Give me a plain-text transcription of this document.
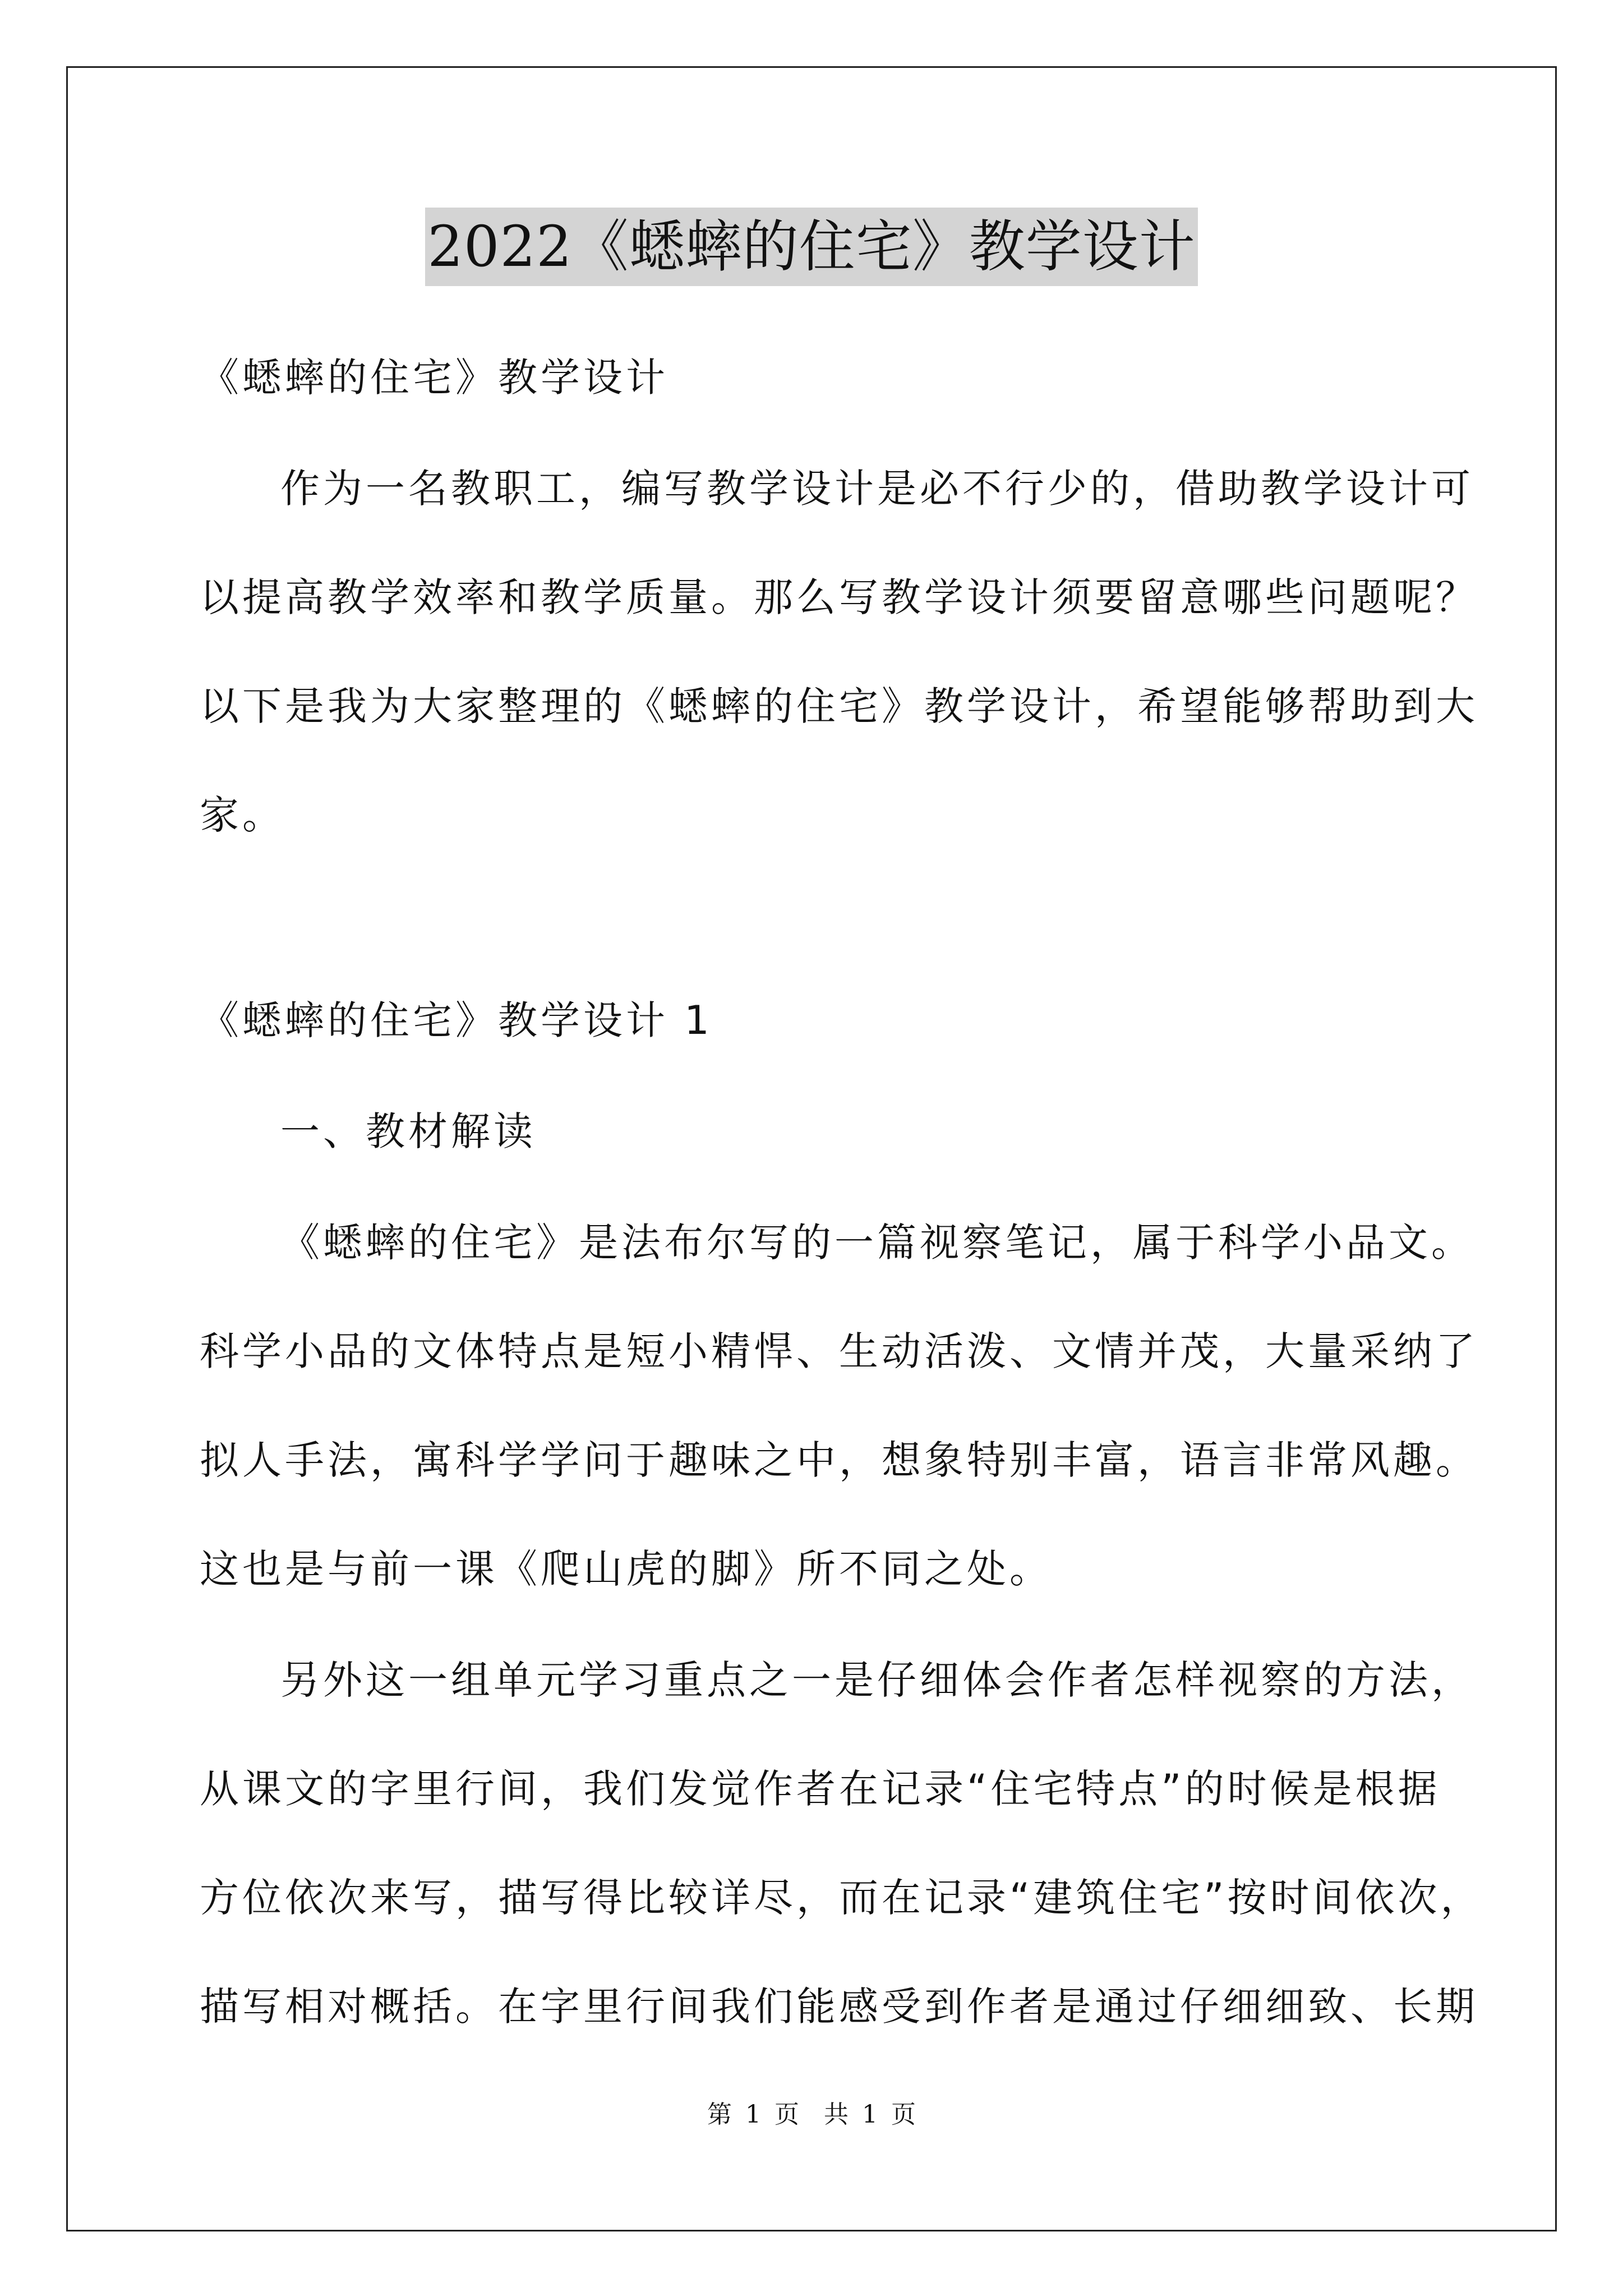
2022《蟋蟀的住宅》教学设计
《蟋蟀的住宅》教学设计
作为一名教职工，编写教学设计是必不行少的，借助教学设计可
以提高教学效率和教学质量。那么写教学设计须要留意哪些问题呢？
以下是我为大家整理的《蟋蟀的住宅》教学设计，希望能够帮助到大
家。
《蟋蟀的住宅》教学设计 1
一、教材解读
《蟋蟀的住宅》是法布尔写的一篇视察笔记，属于科学小品文。
科学小品的文体特点是短小精悍、生动活泼、文情并茂，大量采纳了
拟人手法，寓科学学问于趣味之中，想象特别丰富，语言非常风趣。
这也是与前一课《爬山虎的脚》所不同之处。
另外这一组单元学习重点之一是仔细体会作者怎样视察的方法，
从课文的字里行间，我们发觉作者在记录“住宅特点”的时候是根据
方位依次来写，描写得比较详尽，而在记录“建筑住宅”按时间依次，
描写相对概括。在字里行间我们能感受到作者是通过仔细细致、长期
第 1 页　共 1 页
